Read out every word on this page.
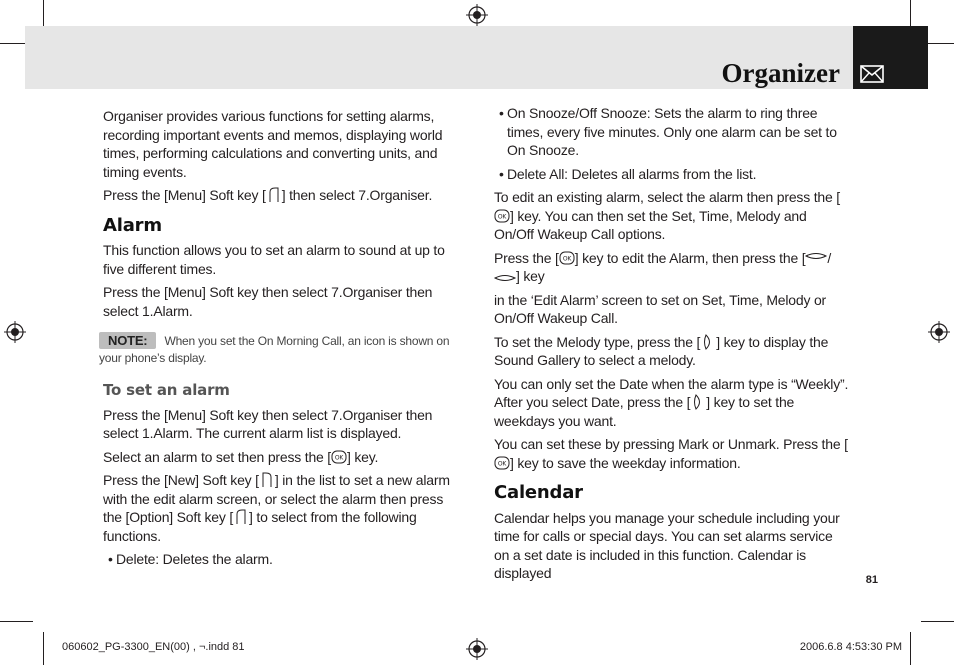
Organizer

Organiser provides various functions for setting alarms, recording important events and memos, displaying world times, performing calculations and converting units, and timing events.

Press the [Menu] Soft key [ ] then select 7.Organiser.

Alarm

This function allows you to set an alarm to sound at up to five different times.

Press the [Menu] Soft key then select 7.Organiser then select 1.Alarm.

NOTE: When you set the On Morning Call, an icon is shown on your phone’s display.
To set an alarm

Press the [Menu] Soft key then select 7.Organiser then select 1.Alarm. The current alarm list is displayed.

Select an alarm to set then press the [ OK ] key.

Press the [New] Soft key [ ] in the list to set a new alarm with the edit alarm screen, or select the alarm then press the [Option] Soft key [ ] to select from the following functions.

• Delete: Deletes the alarm.

• On Snooze/Off Snooze: Sets the alarm to ring three times, every five minutes. Only one alarm can be set to On Snooze.

• Delete All: Deletes all alarms from the list.

To edit an existing alarm, select the alarm then press the [
OK ] key. You can then set the Set, Time, Melody and On/Off Wakeup Call options.

Press the [ OK ] key to edit the Alarm, then press the [ /
] key

in the ‘Edit Alarm’ screen to set on Set, Time, Melody or On/Off Wakeup Call.

To set the Melody type, press the [ ] key to display the Sound Gallery to select a melody.

You can only set the Date when the alarm type is “Weekly”. After you select Date, press the [ ] key to set the weekdays you want.

You can set these by pressing Mark or Unmark. Press the [
OK ] key to save the weekday information.

Calendar

Calendar helps you manage your schedule including your time for calls or special days. You can set alarms service on a set date is included in this function. Calendar is displayed	81
060602_PG-3300_EN(00) , ¬.indd 81	2006.6.8 4:53:30 PM
